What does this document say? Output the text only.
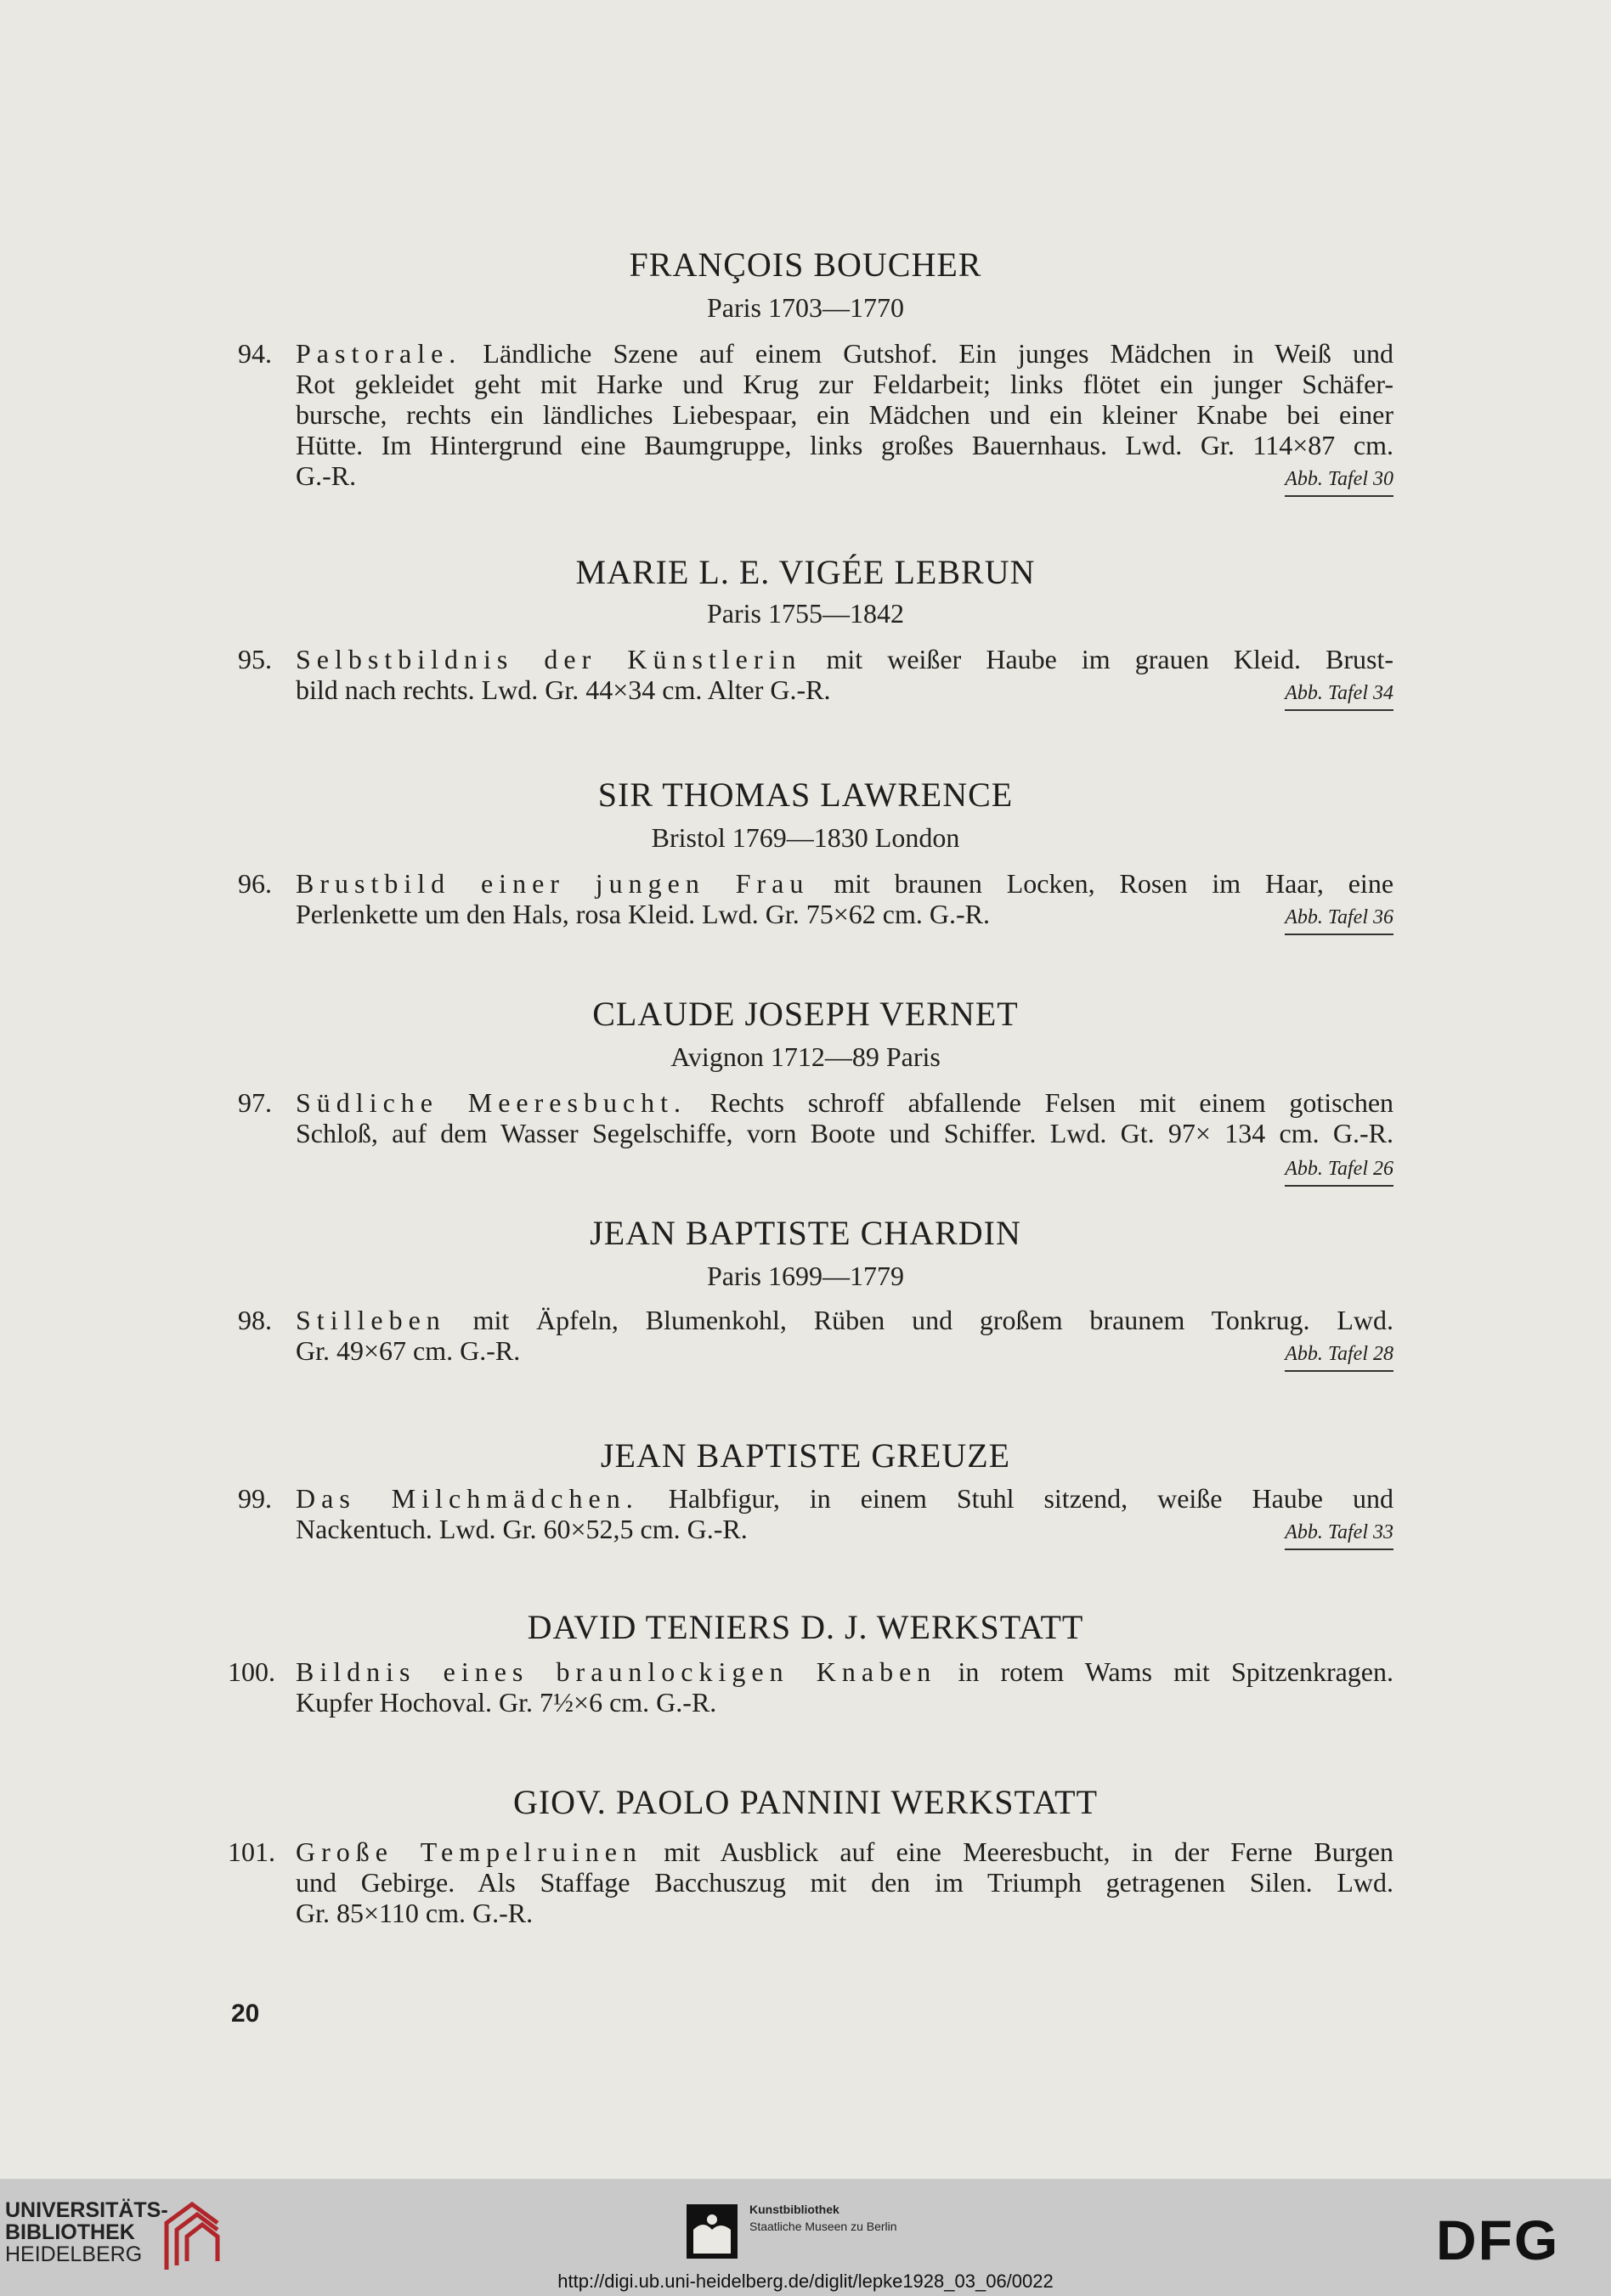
FRANÇOIS BOUCHER
Paris 1703—1770
94. Pastorale. Ländliche Szene auf einem Gutshof. Ein junges Mädchen in Weiß und
Rot gekleidet geht mit Harke und Krug zur Feldarbeit; links flötet ein junger Schäfer-
bursche, rechts ein ländliches Liebespaar, ein Mädchen und ein kleiner Knabe bei einer
Hütte. Im Hintergrund eine Baumgruppe, links großes Bauernhaus. Lwd. Gr. 114×87 cm.
G.-R.	Abb. Tafel 30
MARIE L. E. VIGÉE LEBRUN
Paris 1755—1842
95. Selbstbildnis der Künstlerin mit weißer Haube im grauen Kleid. Brust-
bild nach rechts. Lwd. Gr. 44×34 cm. Alter G.-R.	Abb. Tafel 34
SIR THOMAS LAWRENCE
Bristol 1769—1830 London
96. Brustbild einer jungen Frau mit braunen Locken, Rosen im Haar, eine
Perlenkette um den Hals, rosa Kleid. Lwd. Gr. 75×62 cm. G.-R.	Abb. Tafel 36
CLAUDE JOSEPH VERNET
Avignon 1712—89 Paris
97. Südliche Meeresbucht. Rechts schroff abfallende Felsen mit einem gotischen
Schloß, auf dem Wasser Segelschiffe, vorn Boote und Schiffer. Lwd. Gt. 97× 134 cm. G.-R.
Abb. Tafel 26
JEAN BAPTISTE CHARDIN
Paris 1699—1779
98. Stilleben mit Äpfeln, Blumenkohl, Rüben und großem braunem Tonkrug. Lwd.
Gr. 49×67 cm. G.-R.	Abb. Tafel 28
JEAN BAPTISTE GREUZE
99. Das Milchmädchen. Halbfigur, in einem Stuhl sitzend, weiße Haube und
Nackentuch. Lwd. Gr. 60×52,5 cm. G.-R.	Abb. Tafel 33
DAVID TENIERS D. J. WERKSTATT
100. Bildnis eines braunlockigen Knaben in rotem Wams mit Spitzenkragen.
Kupfer Hochoval. Gr. 7½×6 cm. G.-R.
GIOV. PAOLO PANNINI WERKSTATT
101. Große Tempelruinen mit Ausblick auf eine Meeresbucht, in der Ferne Burgen
und Gebirge. Als Staffage Bacchuszug mit den im Triumph getragenen Silen. Lwd.
Gr. 85×110 cm. G.-R.
20
UNIVERSITÄTS-
BIBLIOTHEK
HEIDELBERG
Kunstbibliothek
Staatliche Museen zu Berlin	DFG
http://digi.ub.uni-heidelberg.de/diglit/lepke1928_03_06/0022
